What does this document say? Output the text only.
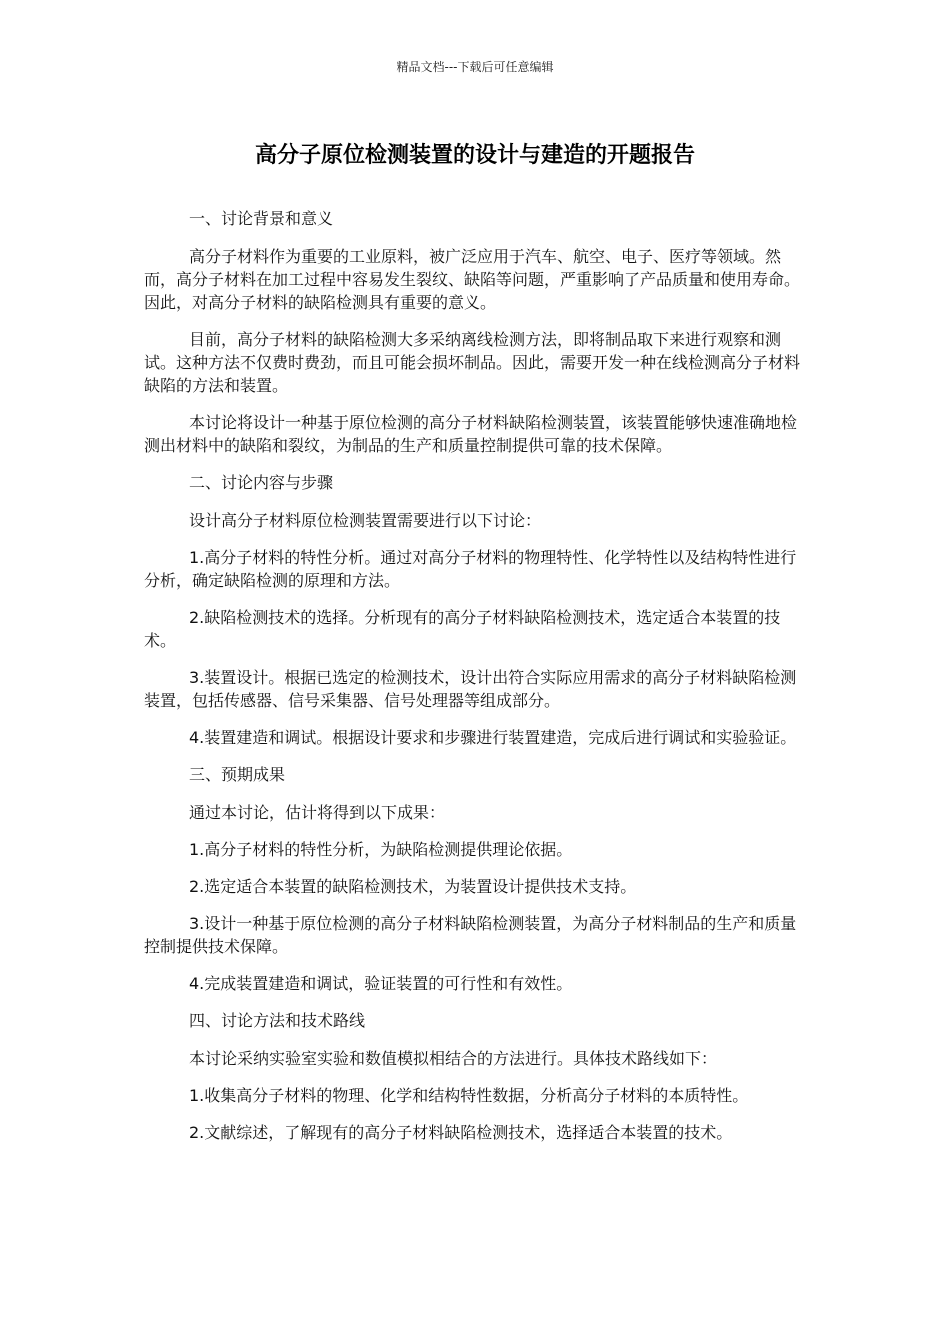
精品文档---下载后可任意编辑
高分子原位检测装置的设计与建造的开题报告

一、讨论背景和意义

高分子材料作为重要的工业原料，被广泛应用于汽车、航空、电子、医疗等领域。然而，高分子材料在加工过程中容易发生裂纹、缺陷等问题，严重影响了产品质量和使用寿命。因此，对高分子材料的缺陷检测具有重要的意义。

目前，高分子材料的缺陷检测大多采纳离线检测方法，即将制品取下来进行观察和测试。这种方法不仅费时费劲，而且可能会损坏制品。因此，需要开发一种在线检测高分子材料缺陷的方法和装置。

本讨论将设计一种基于原位检测的高分子材料缺陷检测装置，该装置能够快速准确地检测出材料中的缺陷和裂纹，为制品的生产和质量控制提供可靠的技术保障。

二、讨论内容与步骤

设计高分子材料原位检测装置需要进行以下讨论：

1.高分子材料的特性分析。通过对高分子材料的物理特性、化学特性以及结构特性进行分析，确定缺陷检测的原理和方法。

2.缺陷检测技术的选择。分析现有的高分子材料缺陷检测技术，选定适合本装置的技术。

3.装置设计。根据已选定的检测技术，设计出符合实际应用需求的高分子材料缺陷检测装置，包括传感器、信号采集器、信号处理器等组成部分。

4.装置建造和调试。根据设计要求和步骤进行装置建造，完成后进行调试和实验验证。

三、预期成果

通过本讨论，估计将得到以下成果：

1.高分子材料的特性分析，为缺陷检测提供理论依据。

2.选定适合本装置的缺陷检测技术，为装置设计提供技术支持。

3.设计一种基于原位检测的高分子材料缺陷检测装置，为高分子材料制品的生产和质量控制提供技术保障。

4.完成装置建造和调试，验证装置的可行性和有效性。

四、讨论方法和技术路线

本讨论采纳实验室实验和数值模拟相结合的方法进行。具体技术路线如下：

1.收集高分子材料的物理、化学和结构特性数据，分析高分子材料的本质特性。

2.文献综述，了解现有的高分子材料缺陷检测技术，选择适合本装置的技术。
